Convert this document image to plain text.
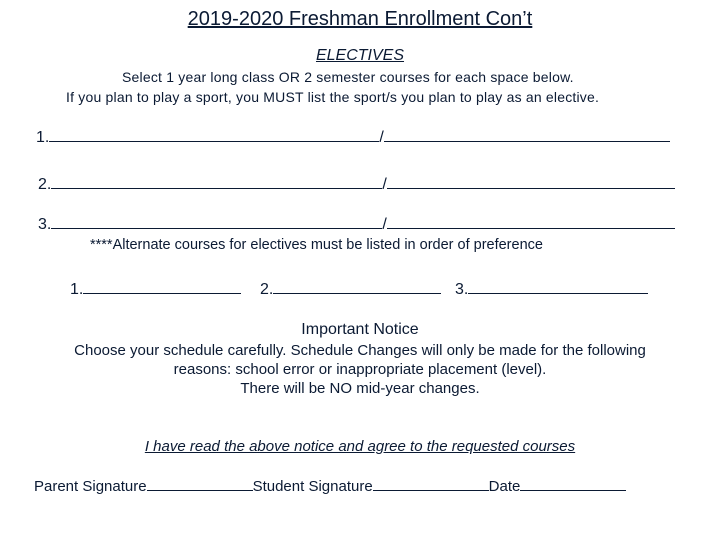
2019-2020 Freshman Enrollment Con’t
ELECTIVES
Select 1 year long class OR 2 semester courses for each space below.
If you plan to play a sport, you MUST list the sport/s you plan to play as an elective.
1.	/
2.	/
3.	/
****Alternate courses for electives must be listed in order of preference
1.	2.	3.
Important Notice
Choose your schedule carefully. Schedule Changes will only be made for the following
reasons: school error or inappropriate placement (level).
There will be NO mid-year changes.
I have read the above notice and agree to the requested courses
Parent Signature	Student Signature	Date
